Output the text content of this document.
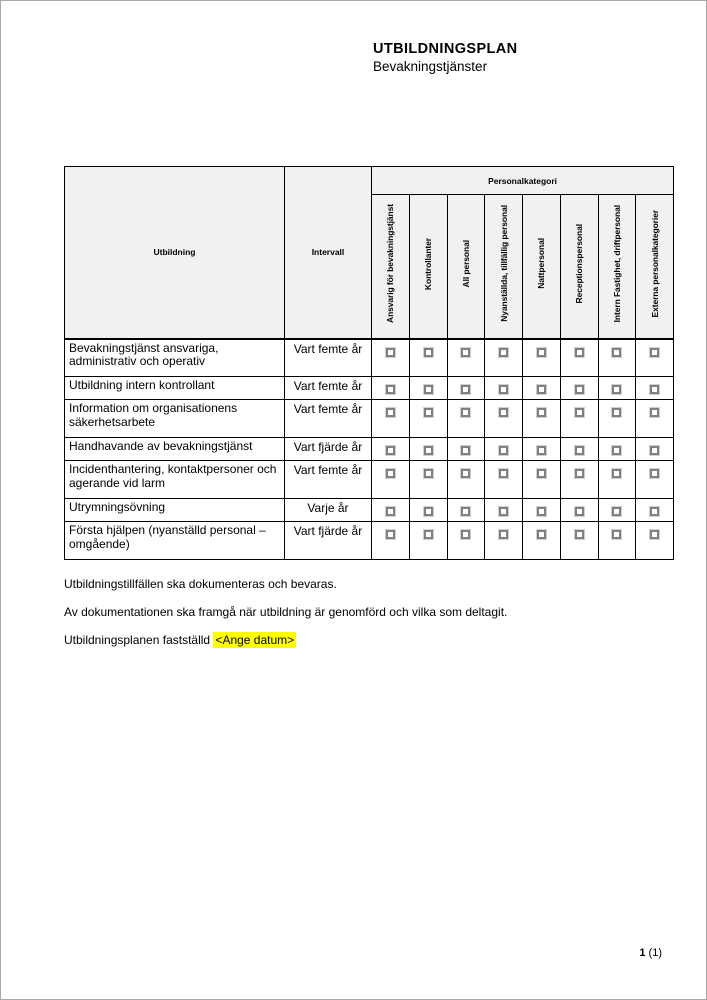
UTBILDNINGSPLAN
Bevakningstjänster
Utbildning	Intervall	Personalkategori							
		Ansvarig för bevakningstjänst	Kontrollanter	All personal	Nyanställda, tillfällig personal	Nattpersonal	Receptionspersonal	Intern Fastighet, driftpersonal	Externa personalkategorier
Bevakningstjänst ansvariga, administrativ och operativ	Vart femte år								
Utbildning intern kontrollant	Vart femte år								
Information om organisationens säkerhetsarbete	Vart femte år								
Handhavande av bevakningstjänst	Vart fjärde år								
Incidenthantering, kontaktpersoner och agerande vid larm	Vart femte år								
Utrymningsövning	Varje år								
Första hjälpen (nyanställd personal – omgående)	Vart fjärde år								

Utbildningstillfällen ska dokumenteras och bevaras.

Av dokumentationen ska framgå när utbildning är genomförd och vilka som deltagit.

Utbildningsplanen fastställd <Ange datum>

1 (1)
